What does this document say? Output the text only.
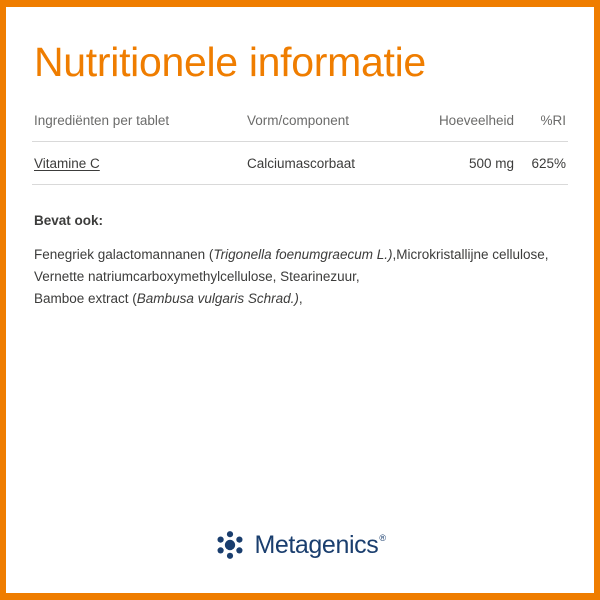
Nutritionele informatie
Ingrediënten per tablet	Vorm/component	Hoeveelheid	%RI
Vitamine C	Calciumascorbaat	500 mg	625%
Bevat ook:
Fenegriek galactomannanen (Trigonella foenumgraecum L.),Microkristallijne cellulose,
Vernette natriumcarboxymethylcellulose, Stearinezuur,
Bamboe extract (Bambusa vulgaris Schrad.),
Metagenics®
